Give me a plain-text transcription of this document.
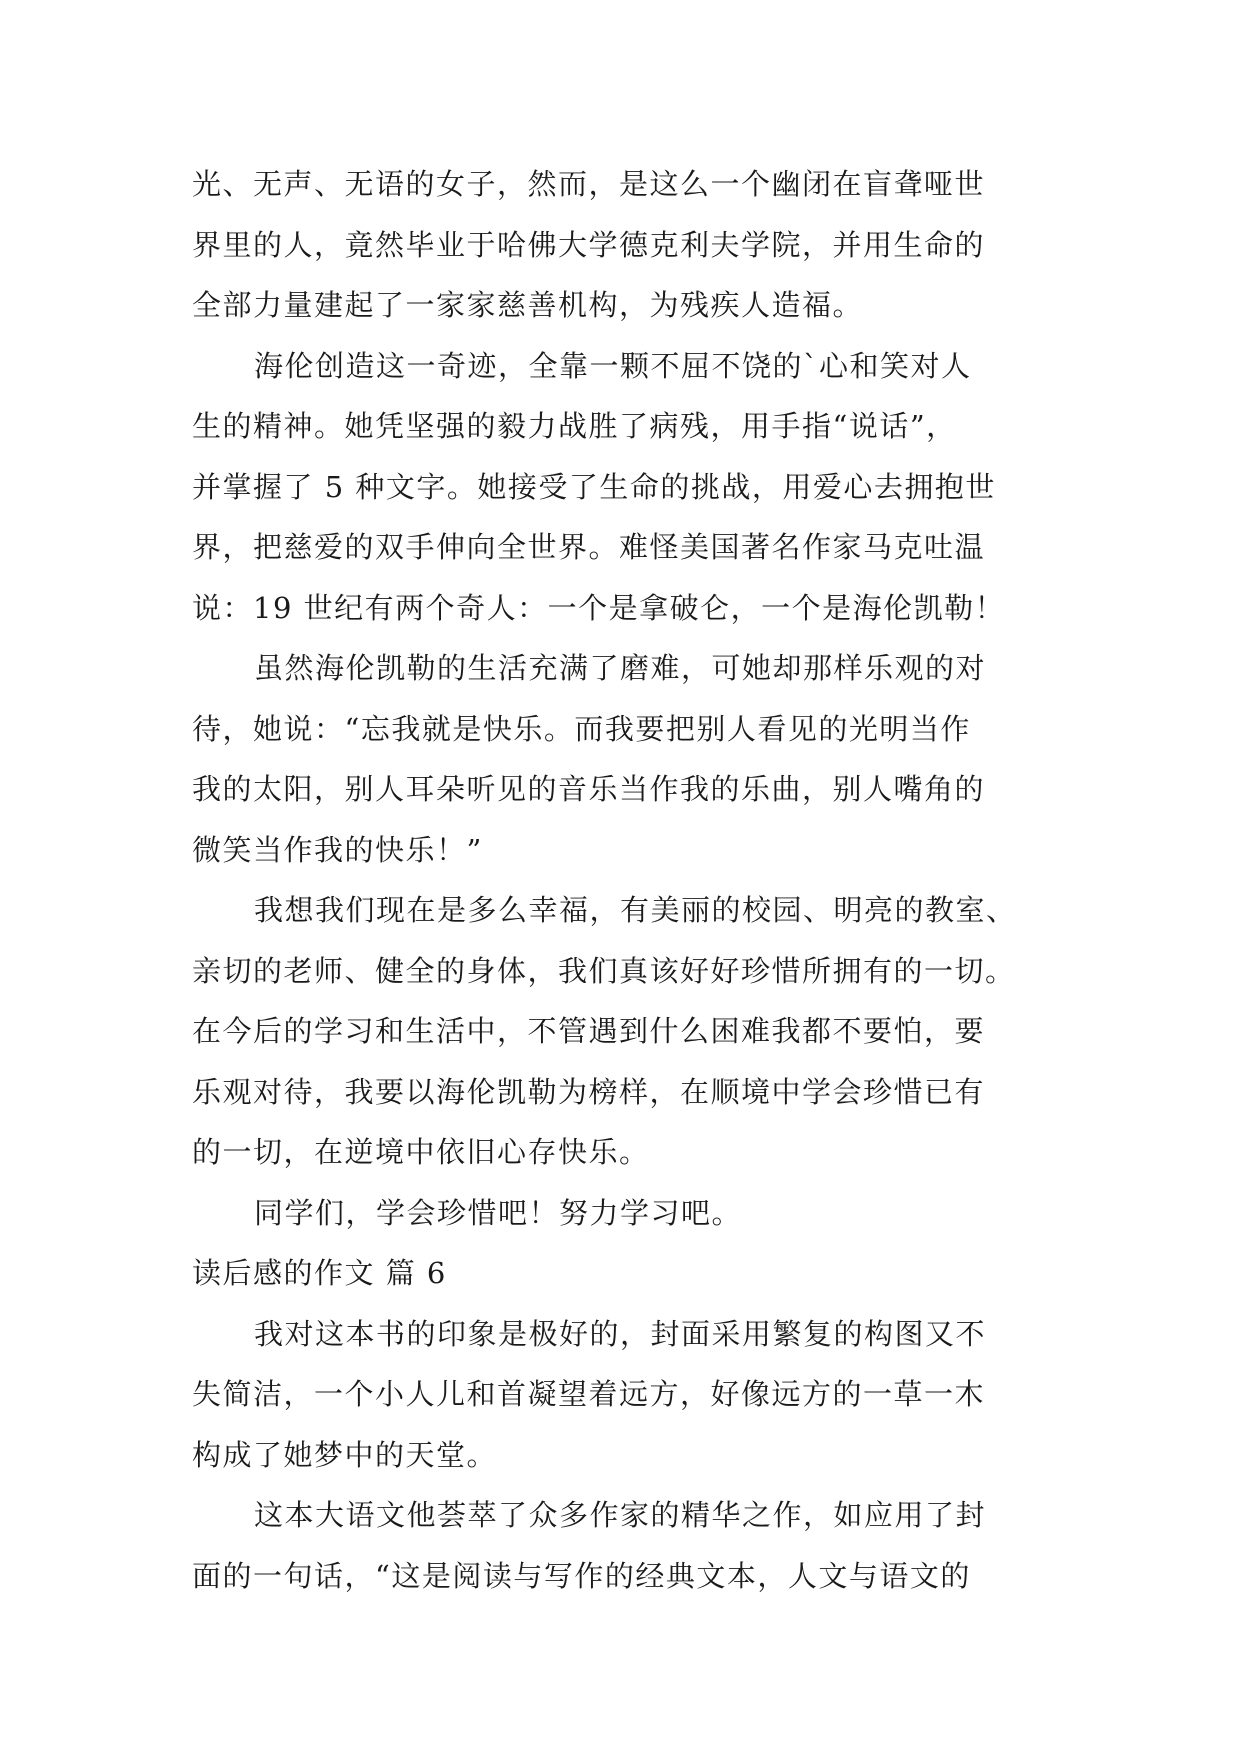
光、无声、无语的女子，然而，是这么一个幽闭在盲聋哑世

界里的人，竟然毕业于哈佛大学德克利夫学院，并用生命的

全部力量建起了一家家慈善机构，为残疾人造福。

海伦创造这一奇迹，全靠一颗不屈不饶的`心和笑对人

生的精神。她凭坚强的毅力战胜了病残，用手指“说话”，

并掌握了 5 种文字。她接受了生命的挑战，用爱心去拥抱世

界，把慈爱的双手伸向全世界。难怪美国著名作家马克吐温

说：19 世纪有两个奇人：一个是拿破仑，一个是海伦凯勒！

虽然海伦凯勒的生活充满了磨难，可她却那样乐观的对

待，她说：“忘我就是快乐。而我要把别人看见的光明当作

我的太阳，别人耳朵听见的音乐当作我的乐曲，别人嘴角的

微笑当作我的快乐！”

我想我们现在是多么幸福，有美丽的校园、明亮的教室、

亲切的老师、健全的身体，我们真该好好珍惜所拥有的一切。

在今后的学习和生活中，不管遇到什么困难我都不要怕，要

乐观对待，我要以海伦凯勒为榜样，在顺境中学会珍惜已有

的一切，在逆境中依旧心存快乐。

同学们，学会珍惜吧！努力学习吧。

读后感的作文 篇 6

我对这本书的印象是极好的，封面采用繁复的构图又不

失简洁，一个小人儿和首凝望着远方，好像远方的一草一木

构成了她梦中的天堂。

这本大语文他荟萃了众多作家的精华之作，如应用了封

面的一句话，“这是阅读与写作的经典文本，人文与语文的
